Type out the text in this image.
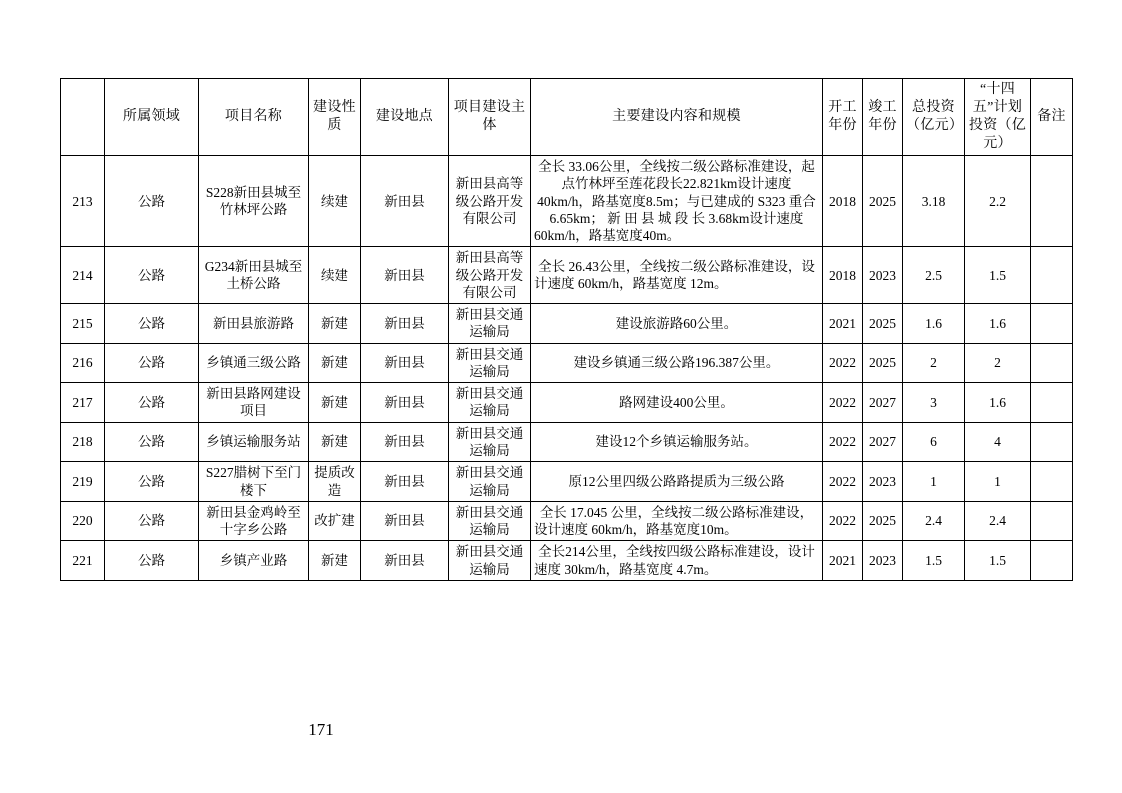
	所属领域	项目名称	建设性质	建设地点	项目建设主体	主要建设内容和规模	开工年份	竣工年份	总投资（亿元）	“十四五”计划投资（亿元）	备注
213	公路	S228新田县城至竹林坪公路	续建	新田县	新田县高等级公路开发有限公司	全长 33.06公里，全线按二级公路标准建设，起点竹林坪至莲花段长22.821km设计速度 40km/h，路基宽度8.5m；与已建成的 S323 重合 6.65km； 新 田 县 城 段 长 3.68km设计速度 60km/h，路基宽度40m。	2018	2025	3.18	2.2	
214	公路	G234新田县城至土桥公路	续建	新田县	新田县高等级公路开发有限公司	全长 26.43公里，全线按二级公路标准建设，设计速度 60km/h，路基宽度 12m。	2018	2023	2.5	1.5	
215	公路	新田县旅游路	新建	新田县	新田县交通运输局	建设旅游路60公里。	2021	2025	1.6	1.6	
216	公路	乡镇通三级公路	新建	新田县	新田县交通运输局	建设乡镇通三级公路196.387公里。	2022	2025	2	2	
217	公路	新田县路网建设项目	新建	新田县	新田县交通运输局	路网建设400公里。	2022	2027	3	1.6	
218	公路	乡镇运输服务站	新建	新田县	新田县交通运输局	建设12个乡镇运输服务站。	2022	2027	6	4	
219	公路	S227腊树下至门楼下	提质改造	新田县	新田县交通运输局	原12公里四级公路路提质为三级公路	2022	2023	1	1	
220	公路	新田县金鸡岭至十字乡公路	改扩建	新田县	新田县交通运输局	全长 17.045 公里，全线按二级公路标准建设，设计速度 60km/h，路基宽度10m。	2022	2025	2.4	2.4	
221	公路	乡镇产业路	新建	新田县	新田县交通运输局	全长214公里，全线按四级公路标准建设，设计速度 30km/h，路基宽度 4.7m。	2021	2023	1.5	1.5	
171
